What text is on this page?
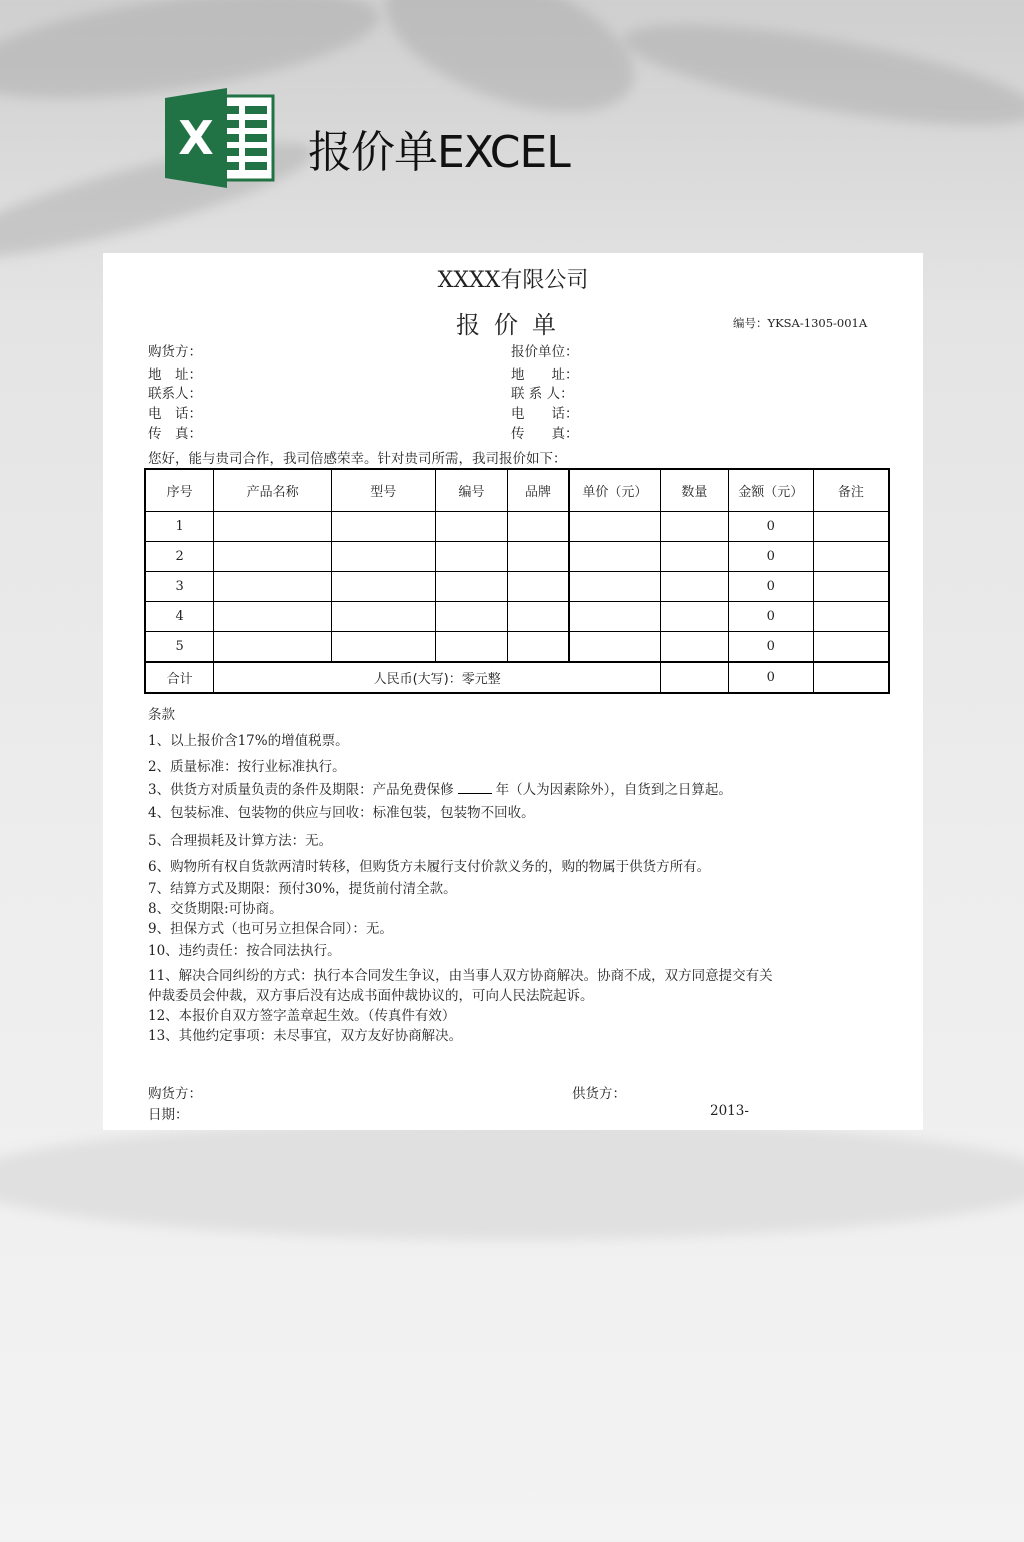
X 报价单EXCEL
XXXX有限公司
报价单	编号：YKSA-1305-001A
购货方：
地　址：
联系人：
电　话：
传　真：
报价单位：
地　　址：
联 系 人：
电　　话：
传　　真：
您好，能与贵司合作，我司倍感荣幸。针对贵司所需，我司报价如下：
序号	产品名称	型号	编号	品牌	单价（元）	数量	金额（元）	备注
1							0	
2							0	
3							0	
4							0	
5							0	
合计	人民币(大写)：零元整						0	
条款
1、以上报价含17%的增值税票。
2、质量标准：按行业标准执行。
3、供货方对质量负责的条件及期限：产品免费保修	年（人为因素除外），自货到之日算起。
4、包装标准、包装物的供应与回收：标准包装，包装物不回收。
5、合理损耗及计算方法：无。
6、购物所有权自货款两清时转移，但购货方未履行支付价款义务的，购的物属于供货方所有。
7、结算方式及期限：预付30%，提货前付清全款。
8、交货期限:可协商。
9、担保方式（也可另立担保合同）：无。
10、违约责任：按合同法执行。
11、解决合同纠纷的方式：执行本合同发生争议，由当事人双方协商解决。协商不成，双方同意提交有关
仲裁委员会仲裁，双方事后没有达成书面仲裁协议的，可向人民法院起诉。
12、本报价自双方签字盖章起生效。（传真件有效）
13、其他约定事项：未尽事宜，双方友好协商解决。
购货方：
日期：
供货方：
2013-
